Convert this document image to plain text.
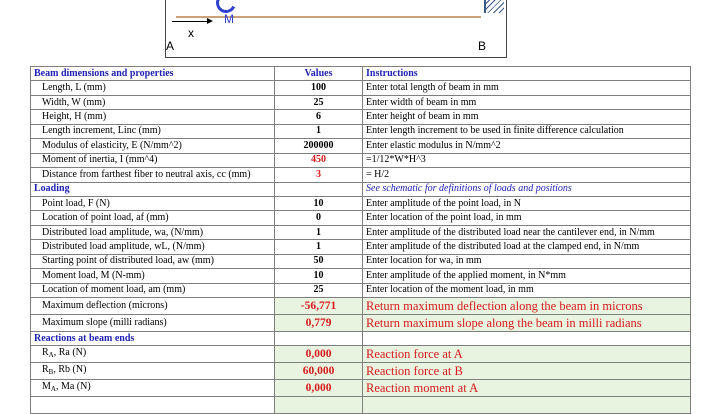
M
x
A	B
Beam dimensions and properties	Values	Instructions
Length, L (mm)	100	Enter total length of beam in mm
Width, W (mm)	25	Enter width of beam in mm
Height, H (mm)	6	Enter height of beam in mm
Length increment, Linc (mm)	1	Enter length increment to be used in finite difference calculation
Modulus of elasticity, E (N/mm^2)	200000	Enter elastic modulus in N/mm^2
Moment of inertia, I (mm^4)	450	=1/12*W*H^3
Distance from farthest fiber to neutral axis, cc (mm)	3	= H/2
Loading		See schematic for definitions of loads and positions
Point load, F (N)	10	Enter amplitude of the point load, in N
Location of point load, af (mm)	0	Enter location of the point load, in mm
Distributed load amplitude, wa, (N/mm)	1	Enter amplitude of the distributed load near the cantilever end, in N/mm
Distributed load amplitude, wL, (N/mm)	1	Enter amplitude of the distributed load at the clamped end, in N/mm
Starting point of distributed load, aw (mm)	50	Enter location for wa, in mm
Moment load, M (N-mm)	10	Enter amplitude of the applied moment, in N*mm
Location of moment load, am (mm)	25	Enter location of the moment load, in mm
Maximum deflection (microns)	-56,771	Return maximum deflection along the beam in microns
Maximum slope (milli radians)	0,779	Return maximum slope along the beam in milli radians
Reactions at beam ends		
$R_A$, Ra (N)	0,000	Reaction force at A
$R_B$, Rb (N)	60,000	Reaction force at B
$M_A$, Ma (N)	0,000	Reaction moment at A
